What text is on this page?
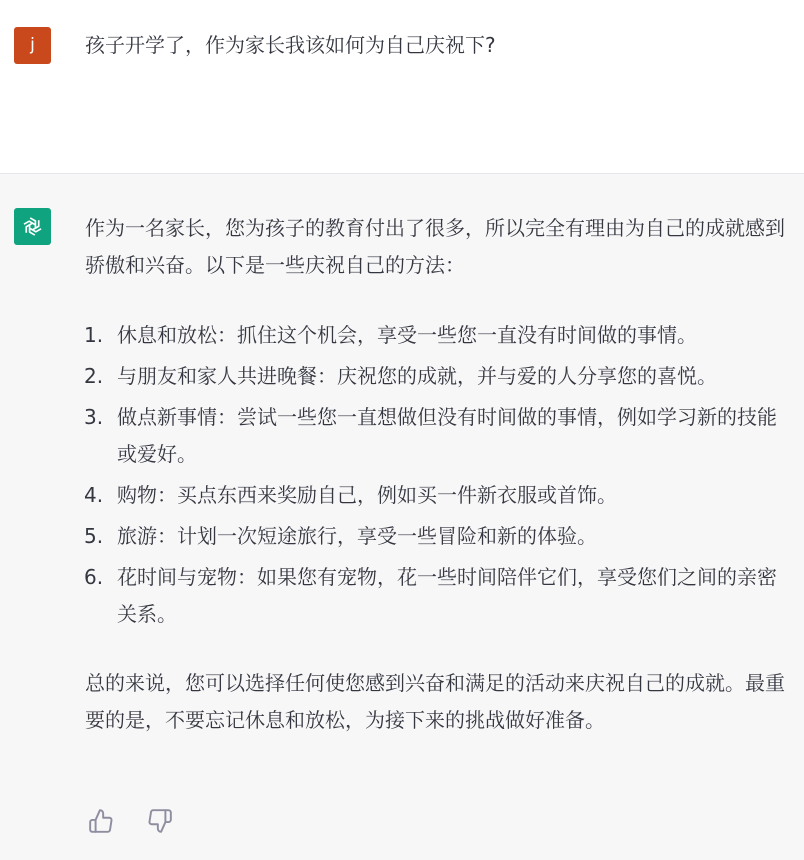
j	孩子开学了，作为家长我该如何为自己庆祝下?

作为一名家长，您为孩子的教育付出了很多，所以完全有理由为自己的成就感到骄傲和兴奋。以下是一些庆祝自己的方法：

1. 休息和放松：抓住这个机会，享受一些您一直没有时间做的事情。
2. 与朋友和家人共进晚餐：庆祝您的成就，并与爱的人分享您的喜悦。
3. 做点新事情：尝试一些您一直想做但没有时间做的事情，例如学习新的技能或爱好。
4. 购物：买点东西来奖励自己，例如买一件新衣服或首饰。
5. 旅游：计划一次短途旅行，享受一些冒险和新的体验。
6. 花时间与宠物：如果您有宠物，花一些时间陪伴它们，享受您们之间的亲密关系。

总的来说，您可以选择任何使您感到兴奋和满足的活动来庆祝自己的成就。最重要的是，不要忘记休息和放松，为接下来的挑战做好准备。
